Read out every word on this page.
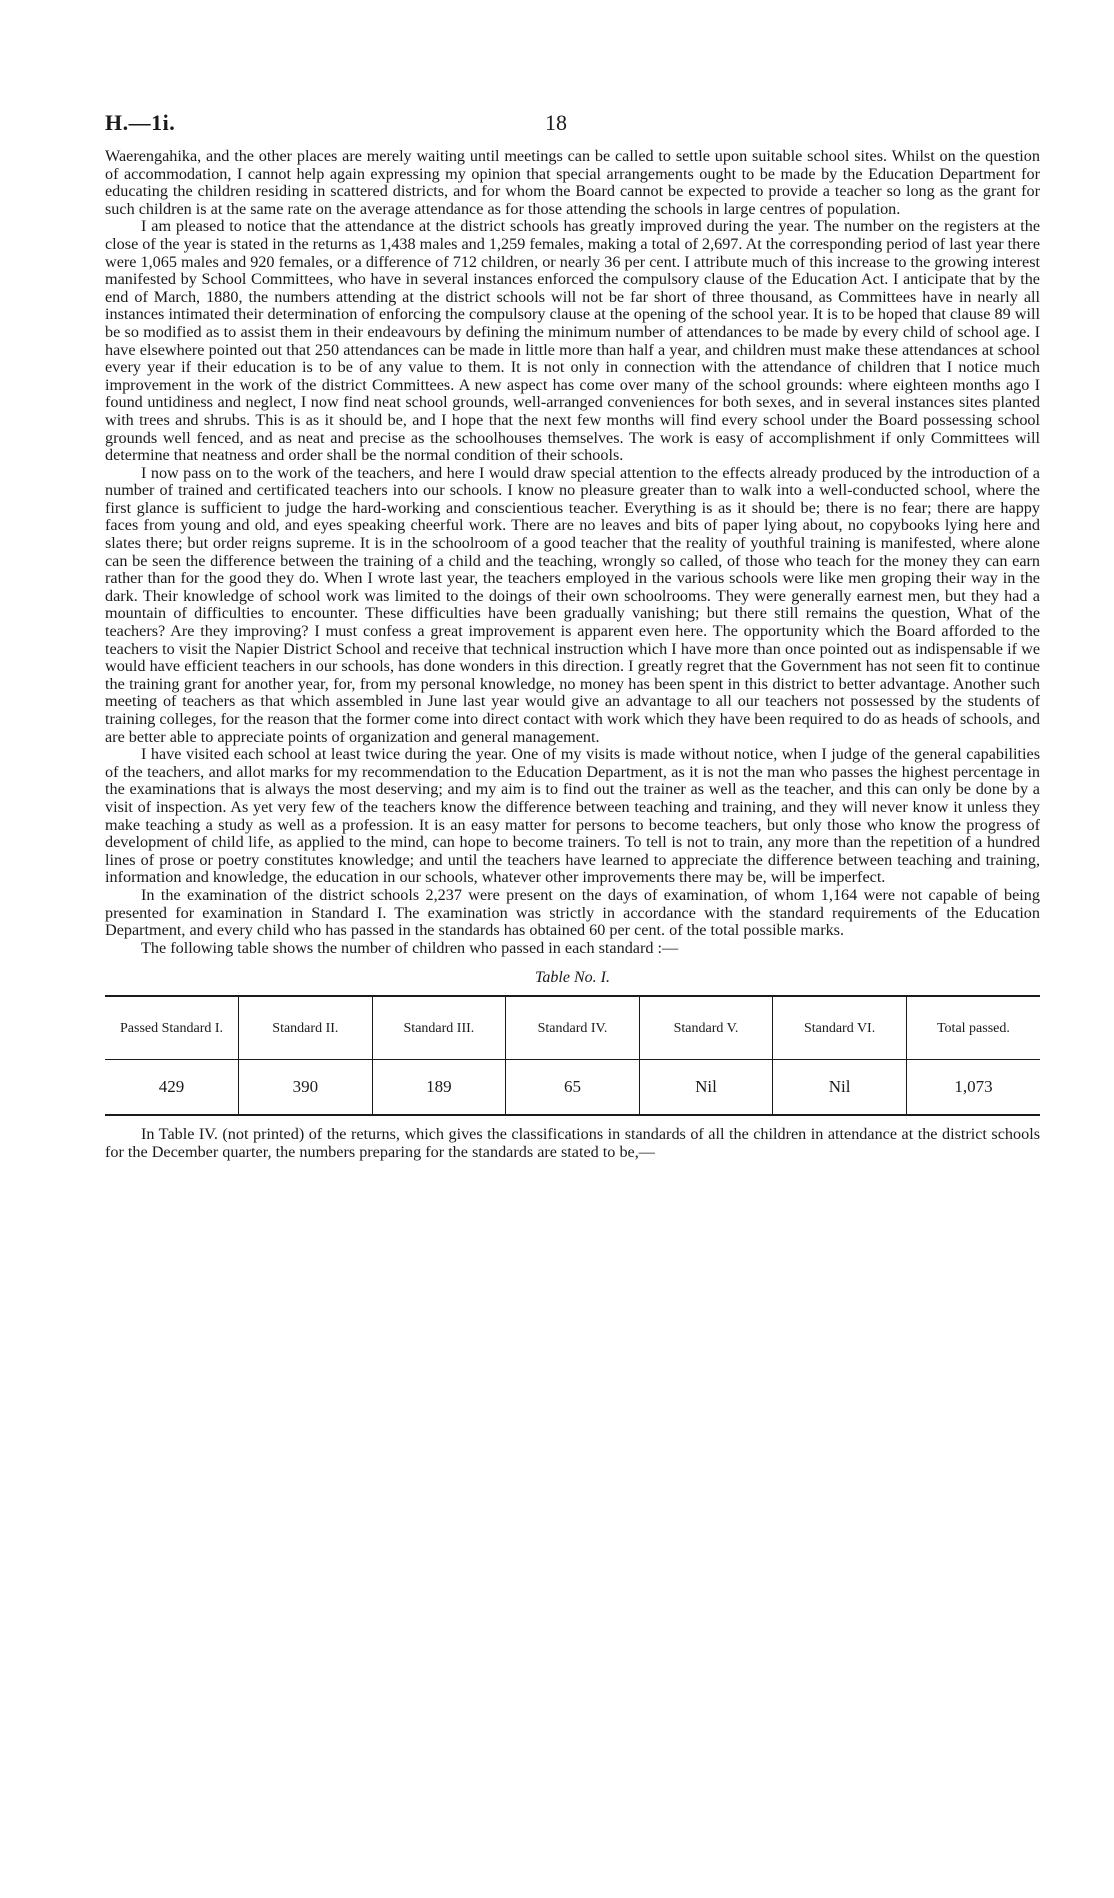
H.—1i.	18

Waerengahika, and the other places are merely waiting until meetings can be called to settle upon suitable school sites. Whilst on the question of accommodation, I cannot help again expressing my opinion that special arrangements ought to be made by the Education Department for educating the children residing in scattered districts, and for whom the Board cannot be expected to provide a teacher so long as the grant for such children is at the same rate on the average attendance as for those attending the schools in large centres of population.

I am pleased to notice that the attendance at the district schools has greatly improved during the year. The number on the registers at the close of the year is stated in the returns as 1,438 males and 1,259 females, making a total of 2,697. At the corresponding period of last year there were 1,065 males and 920 females, or a difference of 712 children, or nearly 36 per cent. I attribute much of this increase to the growing interest manifested by School Committees, who have in several instances enforced the compulsory clause of the Education Act. I anticipate that by the end of March, 1880, the numbers attending at the district schools will not be far short of three thousand, as Committees have in nearly all instances intimated their determination of enforcing the compulsory clause at the opening of the school year. It is to be hoped that clause 89 will be so modified as to assist them in their endeavours by defining the minimum number of attendances to be made by every child of school age. I have elsewhere pointed out that 250 attendances can be made in little more than half a year, and children must make these attendances at school every year if their education is to be of any value to them. It is not only in connection with the attendance of children that I notice much improvement in the work of the district Committees. A new aspect has come over many of the school grounds: where eighteen months ago I found untidiness and neglect, I now find neat school grounds, well-arranged conveniences for both sexes, and in several instances sites planted with trees and shrubs. This is as it should be, and I hope that the next few months will find every school under the Board possessing school grounds well fenced, and as neat and precise as the schoolhouses themselves. The work is easy of accomplishment if only Committees will determine that neatness and order shall be the normal condition of their schools.

I now pass on to the work of the teachers, and here I would draw special attention to the effects already produced by the introduction of a number of trained and certificated teachers into our schools. I know no pleasure greater than to walk into a well-conducted school, where the first glance is sufficient to judge the hard-working and conscientious teacher. Everything is as it should be; there is no fear; there are happy faces from young and old, and eyes speaking cheerful work. There are no leaves and bits of paper lying about, no copybooks lying here and slates there; but order reigns supreme. It is in the schoolroom of a good teacher that the reality of youthful training is manifested, where alone can be seen the difference between the training of a child and the teaching, wrongly so called, of those who teach for the money they can earn rather than for the good they do. When I wrote last year, the teachers employed in the various schools were like men groping their way in the dark. Their knowledge of school work was limited to the doings of their own schoolrooms. They were generally earnest men, but they had a mountain of difficulties to encounter. These difficulties have been gradually vanishing; but there still remains the question, What of the teachers? Are they improving? I must confess a great improvement is apparent even here. The opportunity which the Board afforded to the teachers to visit the Napier District School and receive that technical instruction which I have more than once pointed out as indispensable if we would have efficient teachers in our schools, has done wonders in this direction. I greatly regret that the Government has not seen fit to continue the training grant for another year, for, from my personal knowledge, no money has been spent in this district to better advantage. Another such meeting of teachers as that which assembled in June last year would give an advantage to all our teachers not possessed by the students of training colleges, for the reason that the former come into direct contact with work which they have been required to do as heads of schools, and are better able to appreciate points of organization and general management.

I have visited each school at least twice during the year. One of my visits is made without notice, when I judge of the general capabilities of the teachers, and allot marks for my recommendation to the Education Department, as it is not the man who passes the highest percentage in the examinations that is always the most deserving; and my aim is to find out the trainer as well as the teacher, and this can only be done by a visit of inspection. As yet very few of the teachers know the difference between teaching and training, and they will never know it unless they make teaching a study as well as a profession. It is an easy matter for persons to become teachers, but only those who know the progress of development of child life, as applied to the mind, can hope to become trainers. To tell is not to train, any more than the repetition of a hundred lines of prose or poetry constitutes knowledge; and until the teachers have learned to appreciate the difference between teaching and training, information and knowledge, the education in our schools, whatever other improvements there may be, will be imperfect.

In the examination of the district schools 2,237 were present on the days of examination, of whom 1,164 were not capable of being presented for examination in Standard I. The examination was strictly in accordance with the standard requirements of the Education Department, and every child who has passed in the standards has obtained 60 per cent. of the total possible marks.

The following table shows the number of children who passed in each standard :—

Table No. I.
Passed Standard I.	Standard II.	Standard III.	Standard IV.	Standard V.	Standard VI.	Total passed.
429	390	189	65	Nil	Nil	1,073

In Table IV. (not printed) of the returns, which gives the classifications in standards of all the children in attendance at the district schools for the December quarter, the numbers preparing for the standards are stated to be,—
